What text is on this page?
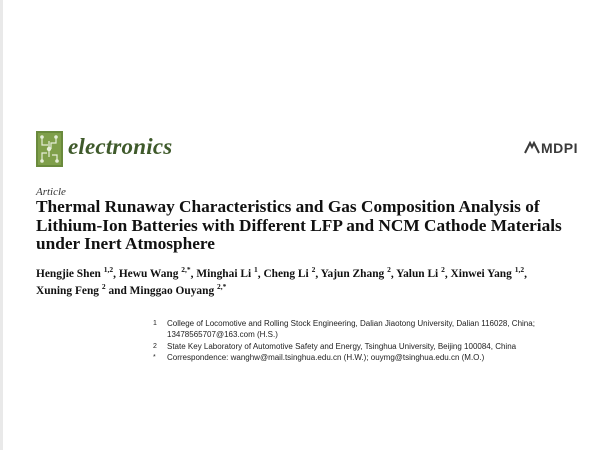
electronics	MDPI
Article
Thermal Runaway Characteristics and Gas Composition Analysis of Lithium-Ion Batteries with Different LFP and NCM Cathode Materials under Inert Atmosphere
Hengjie Shen $^{1,2}$, Hewu Wang $^{2,*}$, Minghai Li $^1$, Cheng Li $^2$, Yajun Zhang $^2$, Yalun Li $^2$, Xinwei Yang $^{1,2}$,
Xuning Feng $^2$ and Minggao Ouyang $^{2,*}$
1 College of Locomotive and Rolling Stock Engineering, Dalian Jiaotong University, Dalian 116028, China; 13478565707@163.com (H.S.)
2 State Key Laboratory of Automotive Safety and Energy, Tsinghua University, Beijing 100084, China
* Correspondence: wanghw@mail.tsinghua.edu.cn (H.W.); ouymg@tsinghua.edu.cn (M.O.)
